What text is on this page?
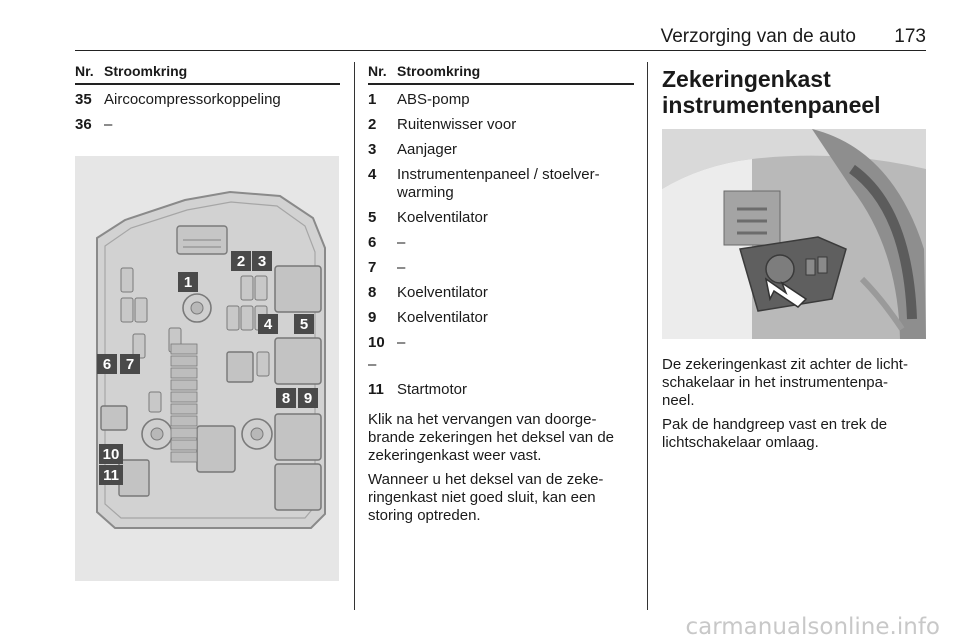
Verzorging van de auto 173
Nr. Stroomkring
35 Aircocompressorkoppeling
36 –
1
2 3
4 5
6 7
8 9
10
11
Nr. Stroomkring
1	ABS-pomp
2	Ruitenwisser voor
3	Aanjager
4	Instrumentenpaneel / stoelver-
warming
5	Koelventilator
6	–
7	–
8	Koelventilator
9	Koelventilator
10 –
–
11 Startmotor

Klik na het vervangen van doorge-
brande zekeringen het deksel van de
zekeringenkast weer vast.

Wanneer u het deksel van de zeke-
ringenkast niet goed sluit, kan een
storing optreden.

Zekeringenkast
instrumentenpaneel

De zekeringenkast zit achter de licht-
schakelaar in het instrumentenpa-
neel.

Pak de handgreep vast en trek de
lichtschakelaar omlaag.

carmanualsonline.info
